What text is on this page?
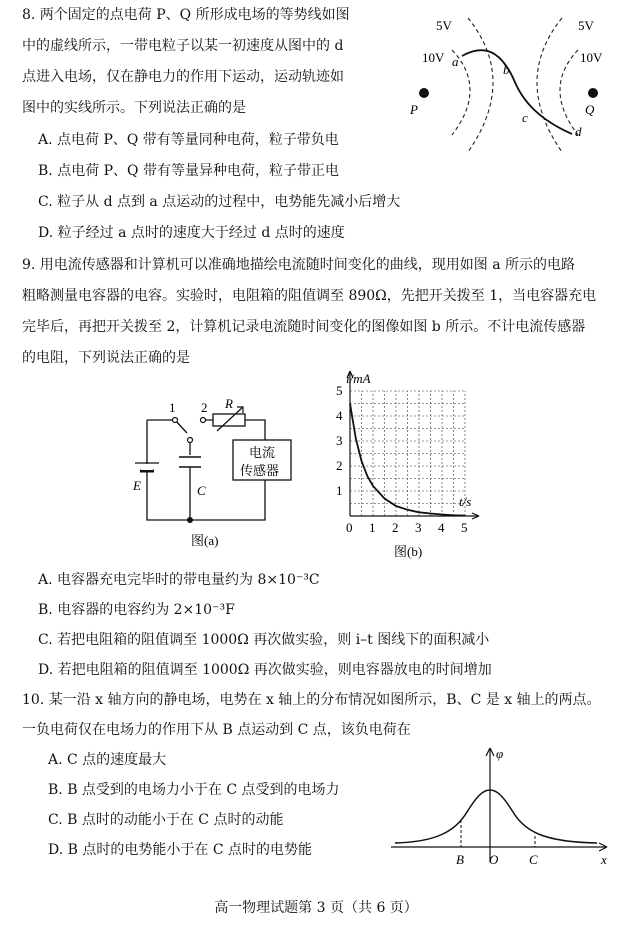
8. 两个固定的点电荷 P、Q 所形成电场的等势线如图
中的虚线所示，一带电粒子以某一初速度从图中的 d
点进入电场，仅在静电力的作用下运动，运动轨迹如
图中的实线所示。下列说法正确的是
A. 点电荷 P、Q 带有等量同种电荷，粒子带负电
B. 点电荷 P、Q 带有等量异种电荷，粒子带正电
C. 粒子从 d 点到 a 点运动的过程中，电势能先减小后增大
D. 粒子经过 a 点时的速度大于经过 d 点时的速度
5V	5V
10V	10V
a
b
c
d
P	Q
9. 用电流传感器和计算机可以准确地描绘电流随时间变化的曲线，现用如图 a 所示的电路
粗略测量电容器的电容。实验时，电阻箱的阻值调至 890Ω，先把开关拨至 1，当电容器充电
完毕后，再把开关拨至 2，计算机记录电流随时间变化的图像如图 b 所示。不计电流传感器
的电阻，下列说法正确的是
电流
传感器
1 2 R
E	C
图(a)
0 1 2 3 4 5
1
2
3
4
5
i/mA
t/s
图(b)
A. 电容器充电完毕时的带电量约为 8×10⁻³C
B. 电容器的电容约为 2×10⁻³F
C. 若把电阻箱的阻值调至 1000Ω 再次做实验，则 i–t 图线下的面积减小
D. 若把电阻箱的阻值调至 1000Ω 再次做实验，则电容器放电的时间增加
10. 某一沿 x 轴方向的静电场，电势在 x 轴上的分布情况如图所示，B、C 是 x 轴上的两点。
一负电荷仅在电场力的作用下从 B 点运动到 C 点，该负电荷在
A. C 点的速度最大
B. B 点受到的电场力小于在 C 点受到的电场力
C. B 点时的动能小于在 C 点时的动能
D. B 点时的电势能小于在 C 点时的电势能
φ
x
B O C
高一物理试题第 3 页（共 6 页）
